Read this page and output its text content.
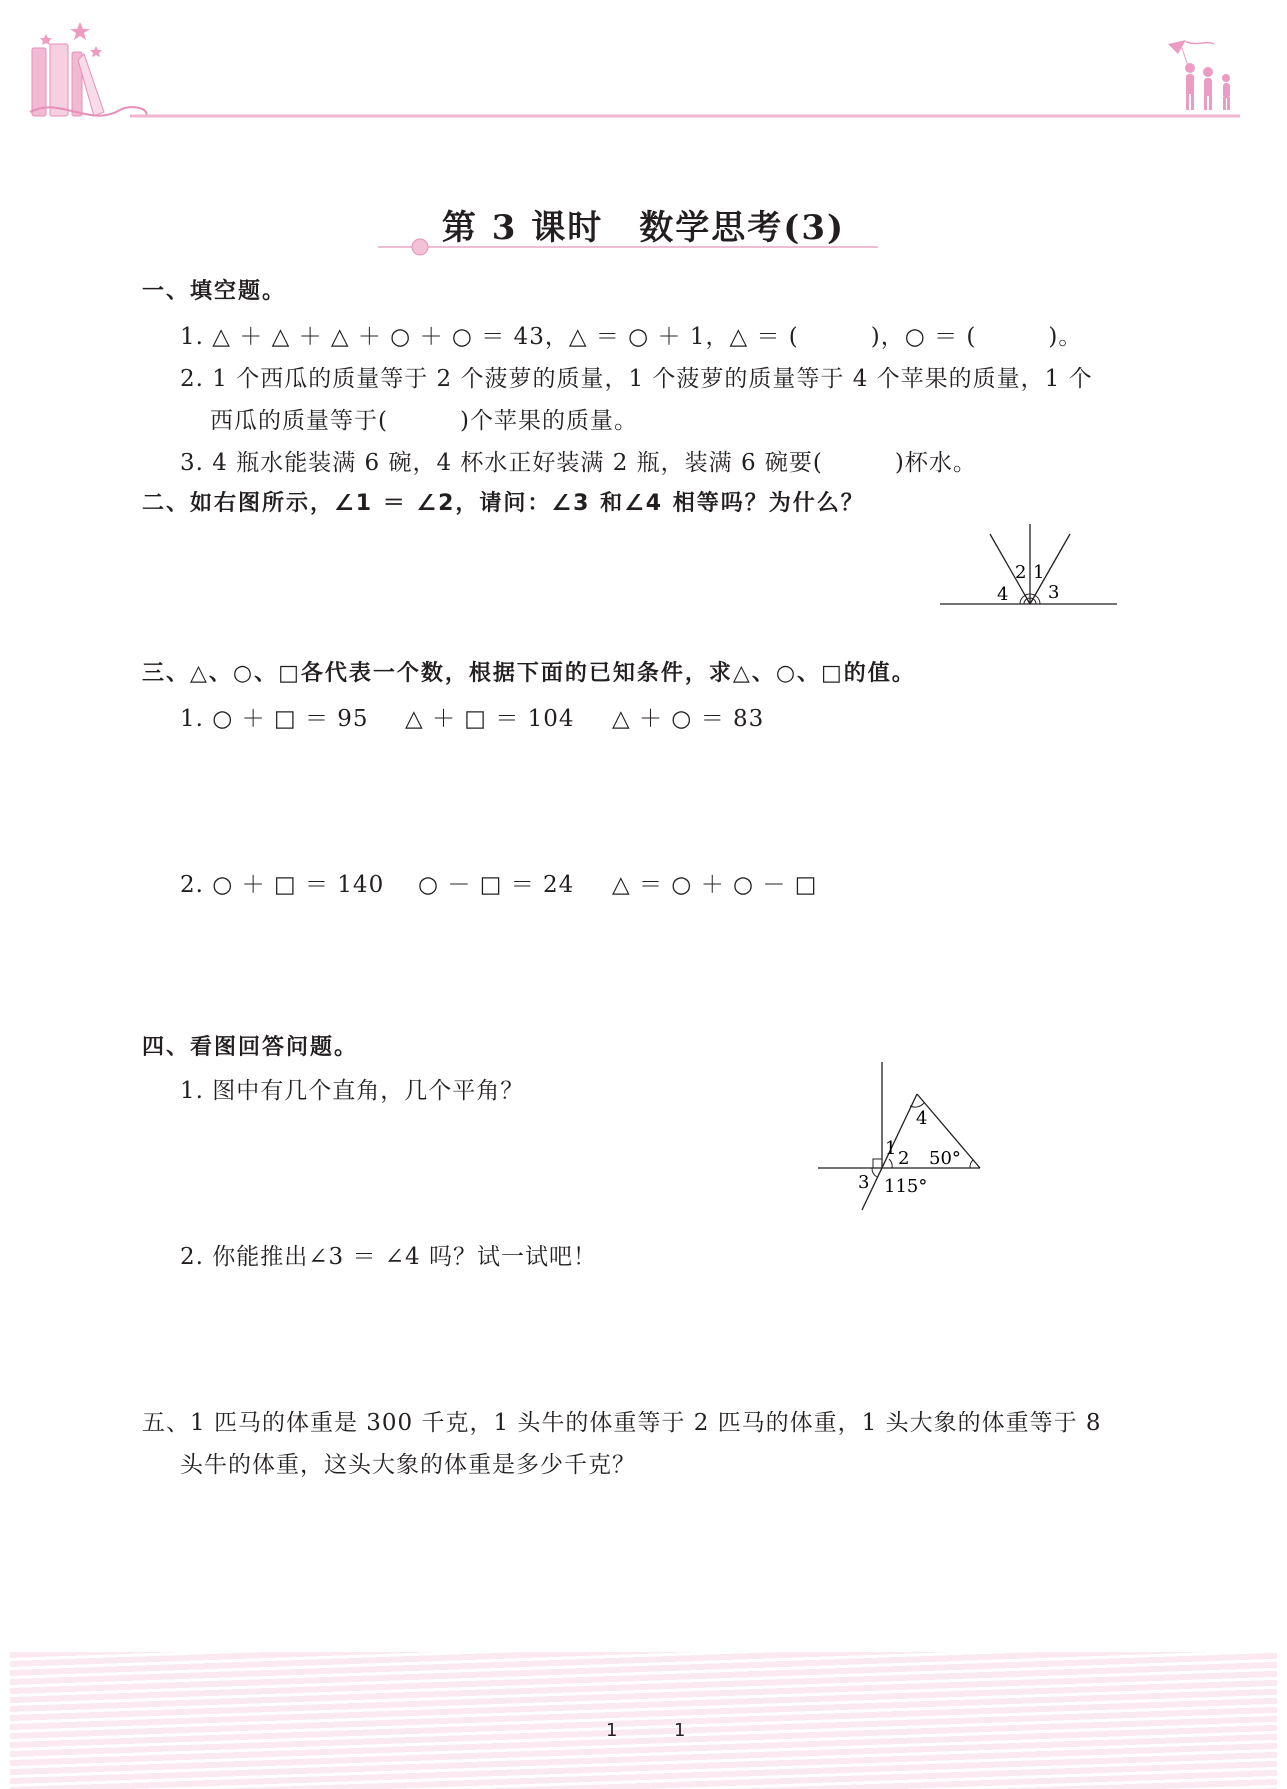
第 3 课时　数学思考(3)
一、填空题。
1. △ ＋ △ ＋ △ ＋ ○ ＋ ○ ＝ 43，△ ＝ ○ ＋ 1，△ ＝ (　　　)，○ ＝ (　　　)。
2. 1 个西瓜的质量等于 2 个菠萝的质量，1 个菠萝的质量等于 4 个苹果的质量，1 个
西瓜的质量等于(　　　)个苹果的质量。
3. 4 瓶水能装满 6 碗，4 杯水正好装满 2 瓶，装满 6 碗要(　　　)杯水。
二、如右图所示，∠1 ＝ ∠2，请问：∠3 和∠4 相等吗？为什么？
1
2
3
4
三、△、○、□各代表一个数，根据下面的已知条件，求△、○、□的值。
1. ○ ＋ □ ＝ 95 △ ＋ □ ＝ 104 △ ＋ ○ ＝ 83
2. ○ ＋ □ ＝ 140 ○ － □ ＝ 24 △ ＝ ○ ＋ ○ － □
四、看图回答问题。
1. 图中有几个直角，几个平角？
4
1 2 50°
3 115°
2. 你能推出∠3 ＝ ∠4 吗？试一试吧！
五、1 匹马的体重是 300 千克，1 头牛的体重等于 2 匹马的体重，1 头大象的体重等于 8
头牛的体重，这头大象的体重是多少千克？
1	1
